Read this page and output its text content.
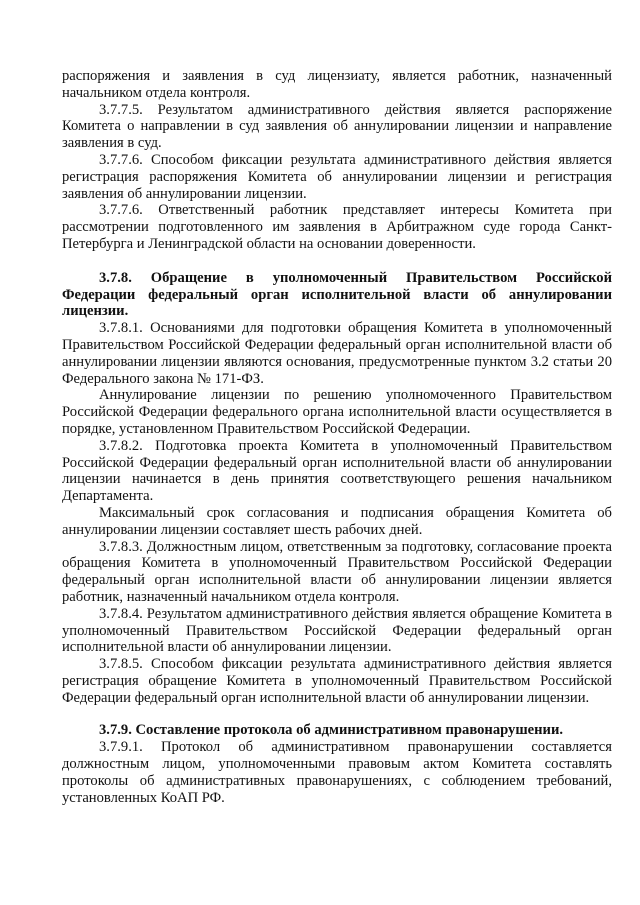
распоряжения и заявления в суд лицензиату, является работник, назначенный начальником отдела контроля.

3.7.7.5. Результатом административного действия является распоряжение Комитета о направлении в суд заявления об аннулировании лицензии и направление заявления в суд.

3.7.7.6. Способом фиксации результата административного действия является регистрация распоряжения Комитета об аннулировании лицензии и регистрация заявления об аннулировании лицензии.

3.7.7.6. Ответственный работник представляет интересы Комитета при рассмотрении подготовленного им заявления в Арбитражном суде города Санкт-Петербурга и Ленинградской области на основании доверенности.

3.7.8. Обращение в уполномоченный Правительством Российской Федерации федеральный орган исполнительной власти об аннулировании лицензии.

3.7.8.1. Основаниями для подготовки обращения Комитета в уполномоченный Правительством Российской Федерации федеральный орган исполнительной власти об аннулировании лицензии являются основания, предусмотренные пунктом 3.2 статьи 20 Федерального закона № 171-ФЗ.

Аннулирование лицензии по решению уполномоченного Правительством Российской Федерации федерального органа исполнительной власти осуществляется в порядке, установленном Правительством Российской Федерации.

3.7.8.2. Подготовка проекта Комитета в уполномоченный Правительством Российской Федерации федеральный орган исполнительной власти об аннулировании лицензии начинается в день принятия соответствующего решения начальником Департамента.

Максимальный срок согласования и подписания обращения Комитета об аннулировании лицензии составляет шесть рабочих дней.

3.7.8.3. Должностным лицом, ответственным за подготовку, согласование проекта обращения Комитета в уполномоченный Правительством Российской Федерации федеральный орган исполнительной власти об аннулировании лицензии является работник, назначенный начальником отдела контроля.

3.7.8.4. Результатом административного действия является обращение Комитета в уполномоченный Правительством Российской Федерации федеральный орган исполнительной власти об аннулировании лицензии.

3.7.8.5. Способом фиксации результата административного действия является регистрация обращение Комитета в уполномоченный Правительством Российской Федерации федеральный орган исполнительной власти об аннулировании лицензии.

3.7.9. Составление протокола об административном правонарушении.

3.7.9.1. Протокол об административном правонарушении составляется должностным лицом, уполномоченными правовым актом Комитета составлять протоколы об административных правонарушениях, с соблюдением требований, установленных КоАП РФ.
